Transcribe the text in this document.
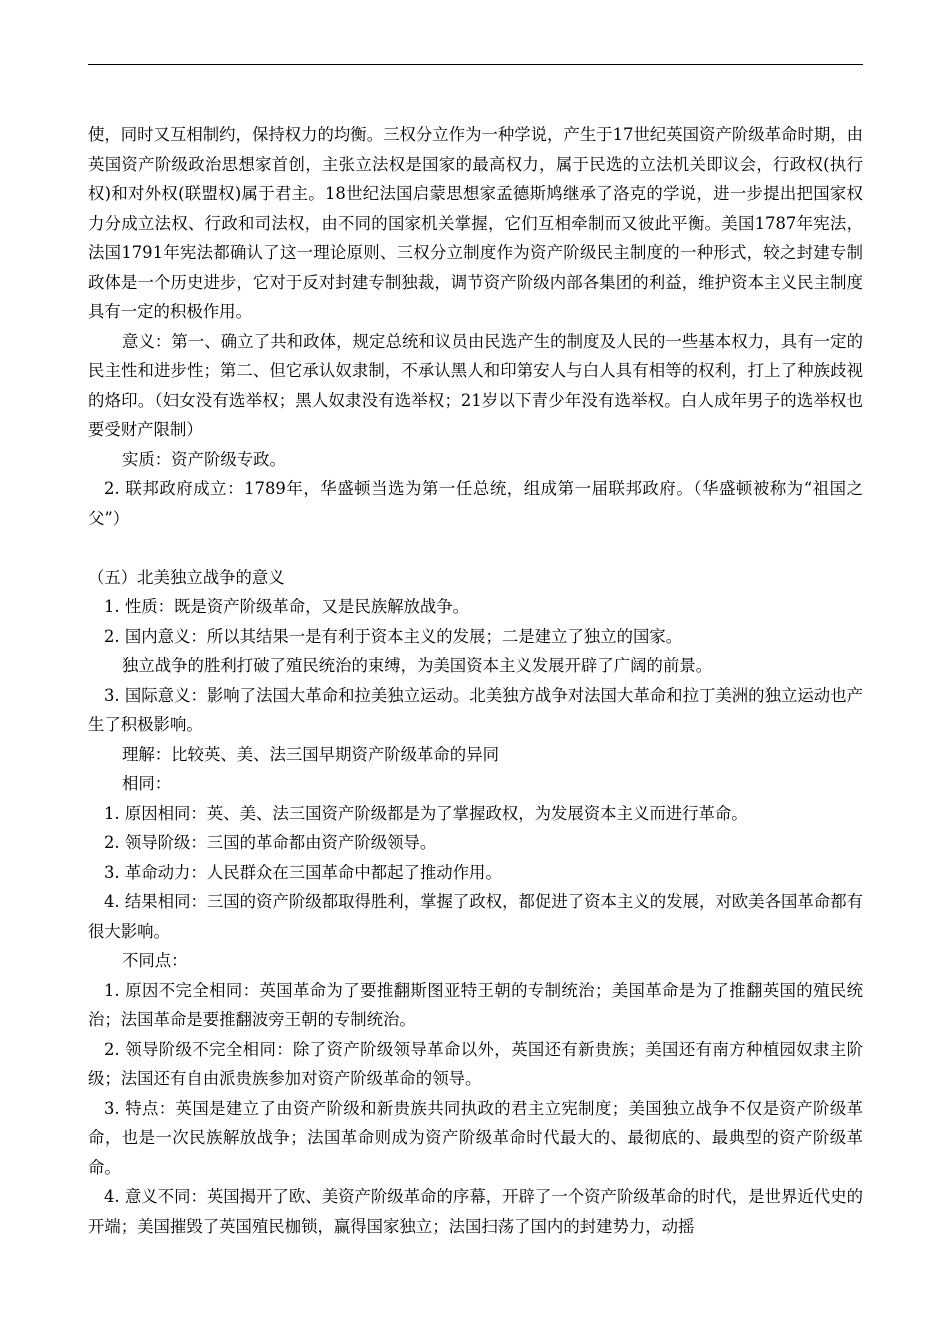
使，同时又互相制约，保持权力的均衡。三权分立作为一种学说，产生于17世纪英国资产阶级革命时期，由英国资产阶级政治思想家首创，主张立法权是国家的最高权力，属于民选的立法机关即议会，行政权(执行权)和对外权(联盟权)属于君主。18世纪法国启蒙思想家孟德斯鸠继承了洛克的学说，进一步提出把国家权力分成立法权、行政和司法权，由不同的国家机关掌握，它们互相牵制而又彼此平衡。美国1787年宪法，法国1791年宪法都确认了这一理论原则、三权分立制度作为资产阶级民主制度的一种形式，较之封建专制政体是一个历史进步，它对于反对封建专制独裁，调节资产阶级内部各集团的利益，维护资本主义民主制度具有一定的积极作用。

意义：第一、确立了共和政体，规定总统和议员由民选产生的制度及人民的一些基本权力，具有一定的民主性和进步性；第二、但它承认奴隶制，不承认黑人和印第安人与白人具有相等的权利，打上了种族歧视的烙印。（妇女没有选举权；黑人奴隶没有选举权；21岁以下青少年没有选举权。白人成年男子的选举权也要受财产限制）

实质：资产阶级专政。

2. 联邦政府成立：1789年，华盛顿当选为第一任总统，组成第一届联邦政府。（华盛顿被称为“祖国之父”）

（五）北美独立战争的意义

1. 性质：既是资产阶级革命，又是民族解放战争。

2. 国内意义：所以其结果一是有利于资本主义的发展；二是建立了独立的国家。

独立战争的胜利打破了殖民统治的束缚，为美国资本主义发展开辟了广阔的前景。

3. 国际意义：影响了法国大革命和拉美独立运动。北美独方战争对法国大革命和拉丁美洲的独立运动也产生了积极影响。

理解：比较英、美、法三国早期资产阶级革命的异同

相同：

1. 原因相同：英、美、法三国资产阶级都是为了掌握政权，为发展资本主义而进行革命。

2. 领导阶级：三国的革命都由资产阶级领导。

3. 革命动力：人民群众在三国革命中都起了推动作用。

4. 结果相同：三国的资产阶级都取得胜利，掌握了政权，都促进了资本主义的发展，对欧美各国革命都有很大影响。

不同点：

1. 原因不完全相同：英国革命为了要推翻斯图亚特王朝的专制统治；美国革命是为了推翻英国的殖民统治；法国革命是要推翻波旁王朝的专制统治。

2. 领导阶级不完全相同：除了资产阶级领导革命以外，英国还有新贵族；美国还有南方种植园奴隶主阶级；法国还有自由派贵族参加对资产阶级革命的领导。

3. 特点：英国是建立了由资产阶级和新贵族共同执政的君主立宪制度；美国独立战争不仅是资产阶级革命，也是一次民族解放战争；法国革命则成为资产阶级革命时代最大的、最彻底的、最典型的资产阶级革命。

4. 意义不同：英国揭开了欧、美资产阶级革命的序幕，开辟了一个资产阶级革命的时代，是世界近代史的开端；美国摧毁了英国殖民枷锁，赢得国家独立；法国扫荡了国内的封建势力，动摇
